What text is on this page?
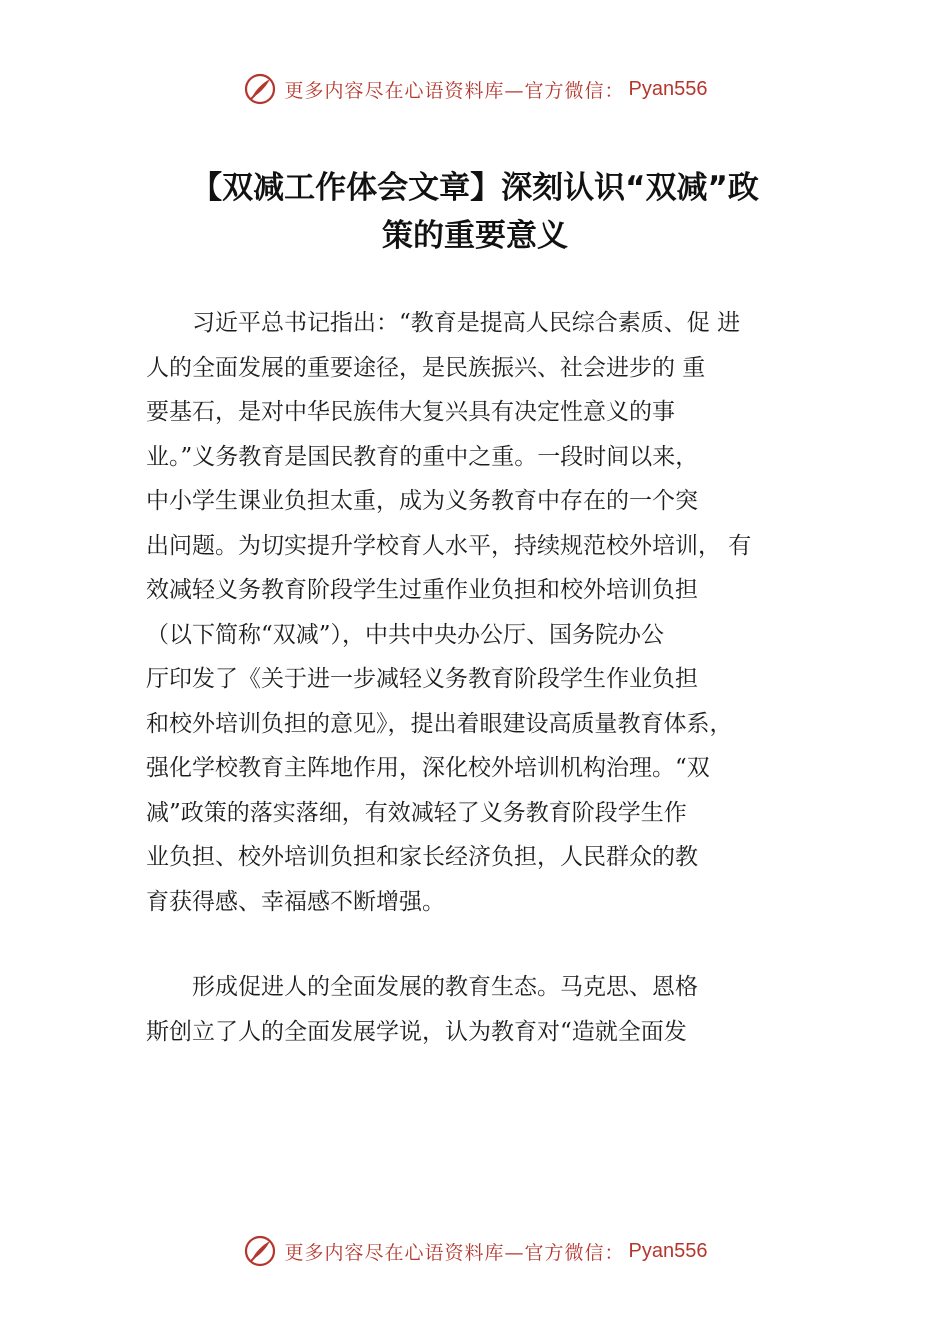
更多内容尽在心语资料库—官方微信： Pyan556
【双减工作体会文章】深刻认识“双减”政
策的重要意义
　　习近平总书记指出：“教育是提高人民综合素质、促 进
人的全面发展的重要途径，是民族振兴、社会进步的 重
要基石，是对中华民族伟大复兴具有决定性意义的事
业。”义务教育是国民教育的重中之重。一段时间以来，
中小学生课业负担太重，成为义务教育中存在的一个突
出问题。为切实提升学校育人水平，持续规范校外培训， 有
效减轻义务教育阶段学生过重作业负担和校外培训负担
（以下简称“双减”），中共中央办公厅、国务院办公
厅印发了《关于进一步减轻义务教育阶段学生作业负担
和校外培训负担的意见》，提出着眼建设高质量教育体系，
强化学校教育主阵地作用，深化校外培训机构治理。“双
减”政策的落实落细，有效减轻了义务教育阶段学生作
业负担、校外培训负担和家长经济负担，人民群众的教
育获得感、幸福感不断增强。
　　形成促进人的全面发展的教育生态。马克思、恩格
斯创立了人的全面发展学说，认为教育对“造就全面发
更多内容尽在心语资料库—官方微信： Pyan556
